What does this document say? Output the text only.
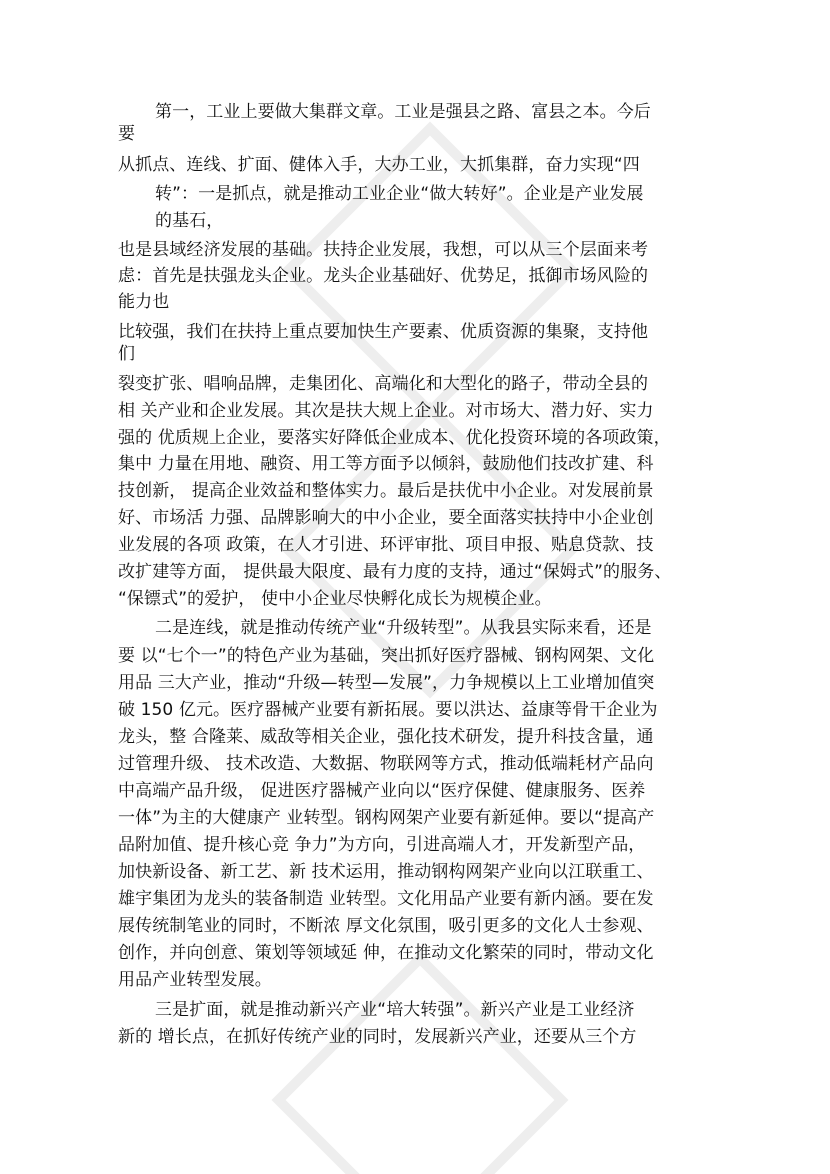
第一，工业上要做大集群文章。工业是强县之路、富县之本。今后
要
从抓点、连线、扩面、健体入手，大办工业，大抓集群，奋力实现“四
转”：一是抓点，就是推动工业企业“做大转好”。企业是产业发展
的基石，
也是县域经济发展的基础。扶持企业发展，我想，可以从三个层面来考
虑：首先是扶强龙头企业。龙头企业基础好、优势足，抵御市场风险的
能力也
比较强，我们在扶持上重点要加快生产要素、优质资源的集聚，支持他
们
裂变扩张、唱响品牌，走集团化、高端化和大型化的路子，带动全县的
相 关产业和企业发展。其次是扶大规上企业。对市场大、潜力好、实力
强的 优质规上企业，要落实好降低企业成本、优化投资环境的各项政策，
集中 力量在用地、融资、用工等方面予以倾斜，鼓励他们技改扩建、科
技创新， 提高企业效益和整体实力。最后是扶优中小企业。对发展前景
好、市场活 力强、品牌影响大的中小企业，要全面落实扶持中小企业创
业发展的各项 政策，在人才引进、环评审批、项目申报、贴息贷款、技
改扩建等方面， 提供最大限度、最有力度的支持，通过“保姆式”的服务、
“保镖式”的爱护， 使中小企业尽快孵化成长为规模企业。
二是连线，就是推动传统产业“升级转型”。从我县实际来看，还是
要 以“七个一”的特色产业为基础，突出抓好医疗器械、钢构网架、文化
用品 三大产业，推动“升级—转型—发展”，力争规模以上工业增加值突
破 150 亿元。医疗器械产业要有新拓展。要以洪达、益康等骨干企业为
龙头，整 合隆莱、威敌等相关企业，强化技术研发，提升科技含量，通
过管理升级、 技术改造、大数据、物联网等方式，推动低端耗材产品向
中高端产品升级， 促进医疗器械产业向以“医疗保健、健康服务、医养
一体”为主的大健康产 业转型。钢构网架产业要有新延伸。要以“提高产
品附加值、提升核心竞 争力”为方向，引进高端人才，开发新型产品，
加快新设备、新工艺、新 技术运用，推动钢构网架产业向以江联重工、
雄宇集团为龙头的装备制造 业转型。文化用品产业要有新内涵。要在发
展传统制笔业的同时，不断浓 厚文化氛围，吸引更多的文化人士参观、
创作，并向创意、策划等领域延 伸，在推动文化繁荣的同时，带动文化
用品产业转型发展。
三是扩面，就是推动新兴产业“培大转强”。新兴产业是工业经济
新的 增长点，在抓好传统产业的同时，发展新兴产业，还要从三个方
